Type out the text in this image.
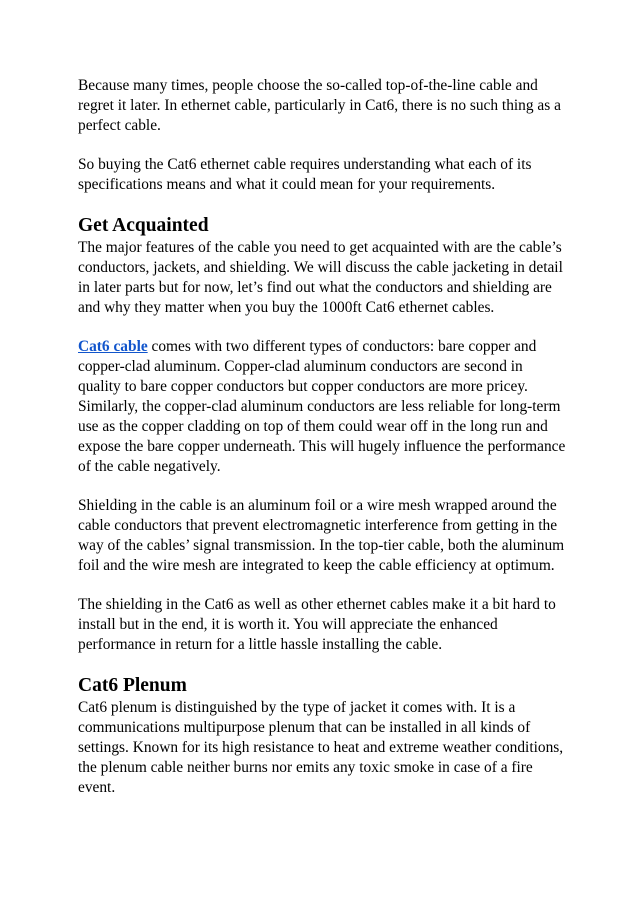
Because many times, people choose the so-called top-of-the-line cable and regret it later. In ethernet cable, particularly in Cat6, there is no such thing as a perfect cable.

So buying the Cat6 ethernet cable requires understanding what each of its specifications means and what it could mean for your requirements.

Get Acquainted

The major features of the cable you need to get acquainted with are the cable’s conductors, jackets, and shielding. We will discuss the cable jacketing in detail in later parts but for now, let’s find out what the conductors and shielding are and why they matter when you buy the 1000ft Cat6 ethernet cables.

Cat6 cable comes with two different types of conductors: bare copper and copper-clad aluminum. Copper-clad aluminum conductors are second in quality to bare copper conductors but copper conductors are more pricey. Similarly, the copper-clad aluminum conductors are less reliable for long-term use as the copper cladding on top of them could wear off in the long run and expose the bare copper underneath. This will hugely influence the performance of the cable negatively.

Shielding in the cable is an aluminum foil or a wire mesh wrapped around the cable conductors that prevent electromagnetic interference from getting in the way of the cables’ signal transmission. In the top-tier cable, both the aluminum foil and the wire mesh are integrated to keep the cable efficiency at optimum.

The shielding in the Cat6 as well as other ethernet cables make it a bit hard to install but in the end, it is worth it. You will appreciate the enhanced performance in return for a little hassle installing the cable.

Cat6 Plenum

Cat6 plenum is distinguished by the type of jacket it comes with. It is a communications multipurpose plenum that can be installed in all kinds of settings. Known for its high resistance to heat and extreme weather conditions, the plenum cable neither burns nor emits any toxic smoke in case of a fire event.
